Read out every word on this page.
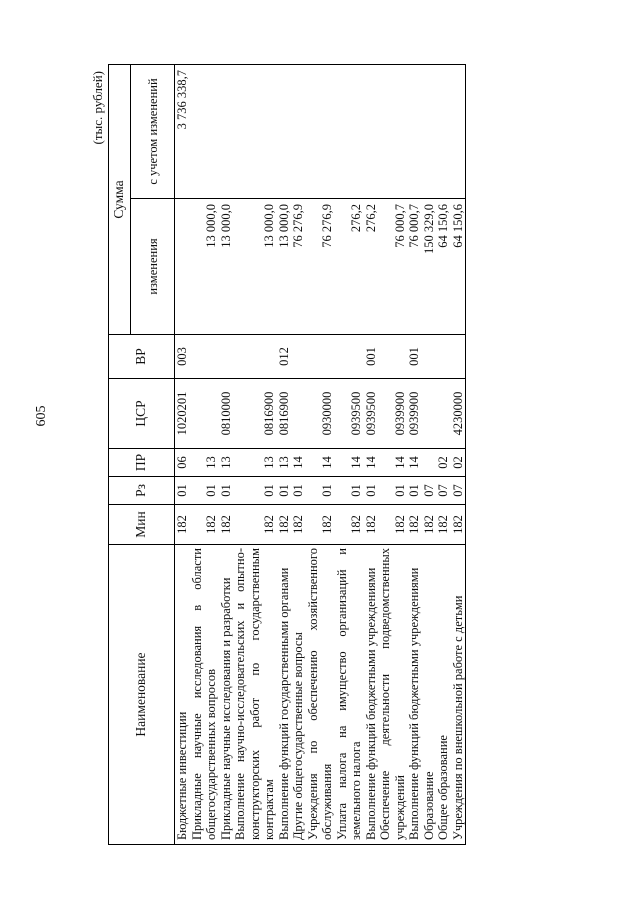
605
(тыс. рублей)
Наименование	Мин	Рз	ПР	ЦСР	ВР	Сумма	
						изменения	с учетом изменений
Бюджетные инвестиции	182	01	06	1020201	003		3 736 338,7
Прикладные научные исследования в области общегосударственных вопросов	182	01	13			13 000,0	
Прикладные научные исследования и разработки	182	01	13	0810000		13 000,0	
Выполнение научно-исследовательских и опытно-конструкторских работ по государственным контрактам	182	01	13	0816900		13 000,0	
Выполнение функций государственными органами	182	01	13	0816900	012	13 000,0	
Другие общегосударственные вопросы	182	01	14			76 276,9	
Учреждения по обеспечению хозяйственного обслуживания	182	01	14	0930000		76 276,9	
Уплата налога на имущество организаций и земельного налога	182	01	14	0939500		276,2	
Выполнение функций бюджетными учреждениями	182	01	14	0939500	001	276,2	
Обеспечение деятельности подведомственных учреждений	182	01	14	0939900		76 000,7	
Выполнение функций бюджетными учреждениями	182	01	14	0939900	001	76 000,7	
Образование	182	07				150 329,0	
Общее образование	182	07	02			64 150,6	
Учреждения по внешкольной работе с детьми	182	07	02	4230000		64 150,6	
